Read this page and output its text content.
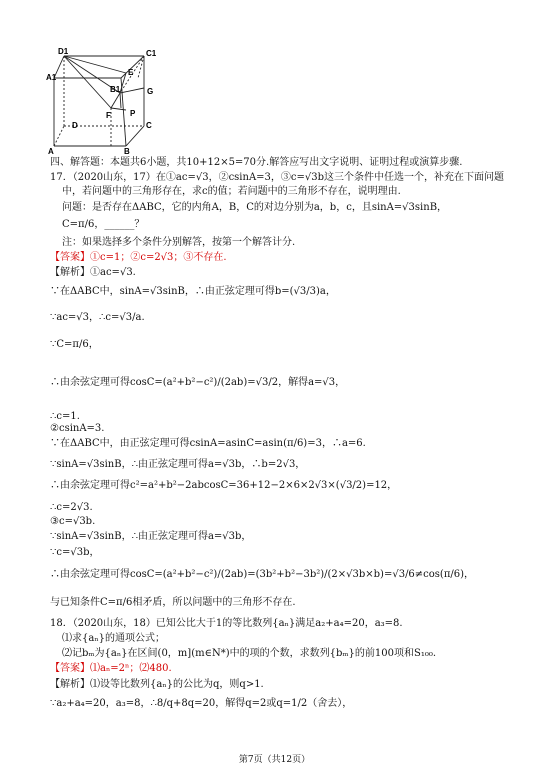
D1	C1
A1
E
B1	G
D
F
C
A	B
P
四、解答题：本题共6小题，共10+12×5=70分.解答应写出文字说明、证明过程或演算步骤.
17．（2020山东，17）在①ac=√3，②csinA=3，③c=√3b这三个条件中任选一个，补充在下面问题
中，若问题中的三角形存在，求c的值；若问题中的三角形不存在，说明理由.
问题：是否存在ΔABC，它的内角A，B，C的对边分别为a，b，c，且sinA=√3sinB，
C=π/6，______？
注：如果选择多个条件分别解答，按第一个解答计分.
【答案】①c=1；②c=2√3；③不存在.
【解析】①ac=√3.
∵在ΔABC中，sinA=√3sinB，∴由正弦定理可得b=(√3/3)a，
∵ac=√3，∴c=√3/a.
∵C=π/6，
∴由余弦定理可得cosC=(a²+b²−c²)/(2ab)=√3/2，解得a=√3，
∴c=1.
②csinA=3.
∵在ΔABC中，由正弦定理可得csinA=asinC=asin(π/6)=3，∴a=6.
∵sinA=√3sinB，∴由正弦定理可得a=√3b，∴b=2√3，
∴由余弦定理可得c²=a²+b²−2abcosC=36+12−2×6×2√3×(√3/2)=12，
∴c=2√3.
③c=√3b.
∵sinA=√3sinB，∴由正弦定理可得a=√3b，
∵c=√3b，
∴由余弦定理可得cosC=(a²+b²−c²)/(2ab)=(3b²+b²−3b²)/(2×√3b×b)=√3/6≠cos(π/6)，
与已知条件C=π/6相矛盾，所以问题中的三角形不存在.
18．（2020山东，18）已知公比大于1的等比数列{aₙ}满足a₂+a₄=20，a₃=8.
⑴求{aₙ}的通项公式；
⑵记bₘ为{aₙ}在区间(0，m](m∈N*)中的项的个数，求数列{bₘ}的前100项和S₁₀₀.
【答案】⑴aₙ=2ⁿ；⑵480.
【解析】⑴设等比数列{aₙ}的公比为q，则q>1.
∵a₂+a₄=20，a₃=8，∴8/q+8q=20，解得q=2或q=1/2（舍去），
第7页（共12页）
